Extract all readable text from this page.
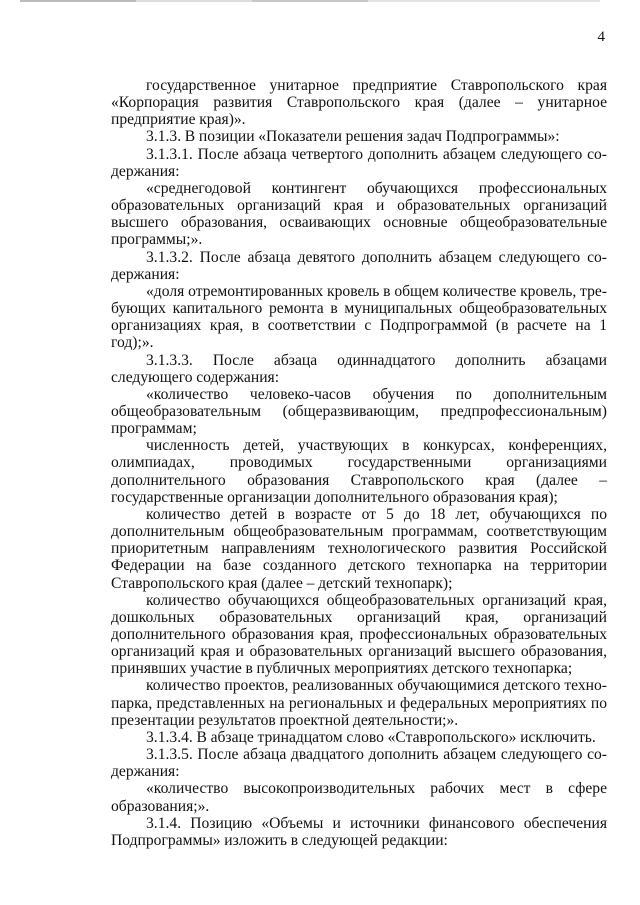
4

государственное унитарное предприятие Ставропольского края «Корпорация развития Ставропольского края (далее – унитарное предприятие края)».

3.1.3. В позиции «Показатели решения задач Подпрограммы»:

3.1.3.1. После абзаца четвертого дополнить абзацем следующего содержания:

«среднегодовой контингент обучающихся профессиональных образовательных организаций края и образовательных организаций высшего образования, осваивающих основные общеобразовательные программы;».

3.1.3.2. После абзаца девятого дополнить абзацем следующего содержания:

«доля отремонтированных кровель в общем количестве кровель, требующих капитального ремонта в муниципальных общеобразовательных организациях края, в соответствии с Подпрограммой (в расчете на 1 год);».

3.1.3.3. После абзаца одиннадцатого дополнить абзацами следующего содержания:

«количество человеко-часов обучения по дополнительным общеобразовательным (общеразвивающим, предпрофессиональным) программам;

численность детей, участвующих в конкурсах, конференциях, олимпиадах, проводимых государственными организациями дополнительного образования Ставропольского края (далее – государственные организации дополнительного образования края);

количество детей в возрасте от 5 до 18 лет, обучающихся по дополнительным общеобразовательным программам, соответствующим приоритетным направлениям технологического развития Российской Федерации на базе созданного детского технопарка на территории Ставропольского края (далее – детский технопарк);

количество обучающихся общеобразовательных организаций края, дошкольных образовательных организаций края, организаций дополнительного образования края, профессиональных образовательных организаций края и образовательных организаций высшего образования, принявших участие в публичных мероприятиях детского технопарка;

количество проектов, реализованных обучающимися детского технопарка, представленных на региональных и федеральных мероприятиях по презентации результатов проектной деятельности;».

3.1.3.4. В абзаце тринадцатом слово «Ставропольского» исключить.

3.1.3.5. После абзаца двадцатого дополнить абзацем следующего содержания:

«количество высокопроизводительных рабочих мест в сфере образования;».

3.1.4. Позицию «Объемы и источники финансового обеспечения Подпрограммы» изложить в следующей редакции:
